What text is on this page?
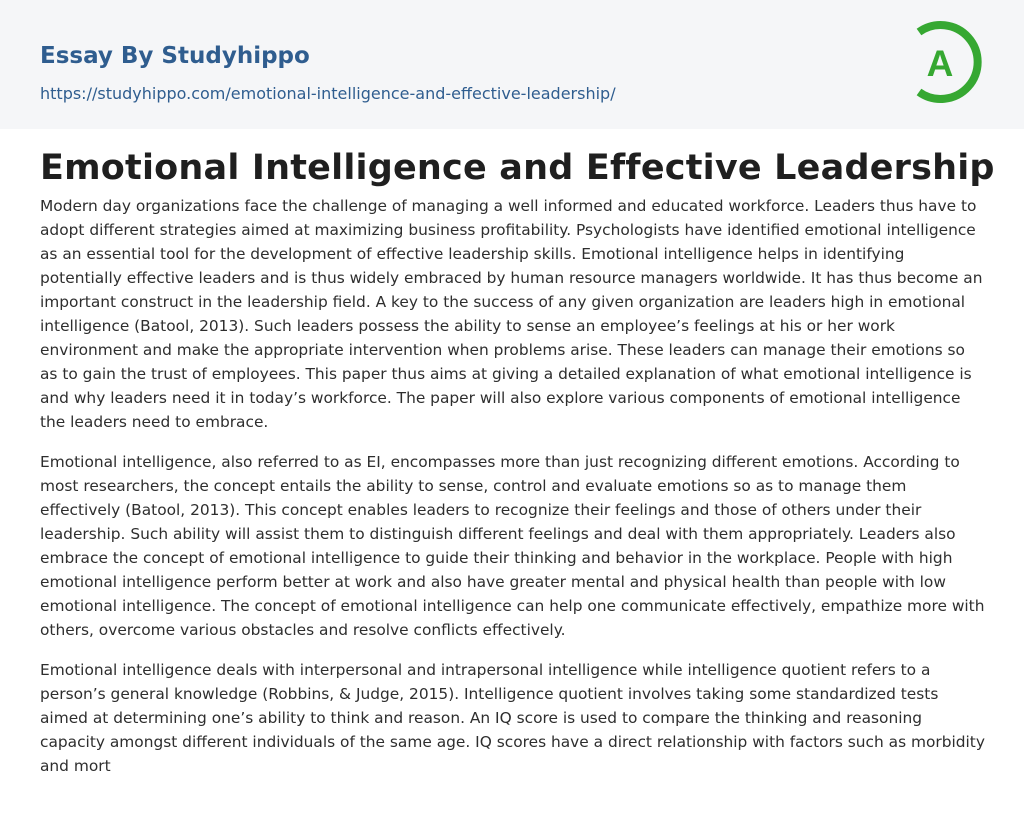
Essay By Studyhippo
https://studyhippo.com/emotional-intelligence-and-effective-leadership/
A
Emotional Intelligence and Effective Leadership

Modern day organizations face the challenge of managing a well informed and educated workforce. Leaders thus have to adopt different strategies aimed at maximizing business profitability. Psychologists have identified emotional intelligence as an essential tool for the development of effective leadership skills. Emotional intelligence helps in identifying potentially effective leaders and is thus widely embraced by human resource managers worldwide. It has thus become an important construct in the leadership field. A key to the success of any given organization are leaders high in emotional intelligence (Batool, 2013). Such leaders possess the ability to sense an employee’s feelings at his or her work environment and make the appropriate intervention when problems arise. These leaders can manage their emotions so as to gain the trust of employees. This paper thus aims at giving a detailed explanation of what emotional intelligence is and why leaders need it in today’s workforce. The paper will also explore various components of emotional intelligence the leaders need to embrace.

Emotional intelligence, also referred to as EI, encompasses more than just recognizing different emotions. According to most researchers, the concept entails the ability to sense, control and evaluate emotions so as to manage them effectively (Batool, 2013). This concept enables leaders to recognize their feelings and those of others under their leadership. Such ability will assist them to distinguish different feelings and deal with them appropriately. Leaders also embrace the concept of emotional intelligence to guide their thinking and behavior in the workplace. People with high emotional intelligence perform better at work and also have greater mental and physical health than people with low emotional intelligence. The concept of emotional intelligence can help one communicate effectively, empathize more with others, overcome various obstacles and resolve conflicts effectively.

Emotional intelligence deals with interpersonal and intrapersonal intelligence while intelligence quotient refers to a person’s general knowledge (Robbins, & Judge, 2015). Intelligence quotient involves taking some standardized tests aimed at determining one’s ability to think and reason. An IQ score is used to compare the thinking and reasoning capacity amongst different individuals of the same age. IQ scores have a direct relationship with factors such as morbidity and mort
